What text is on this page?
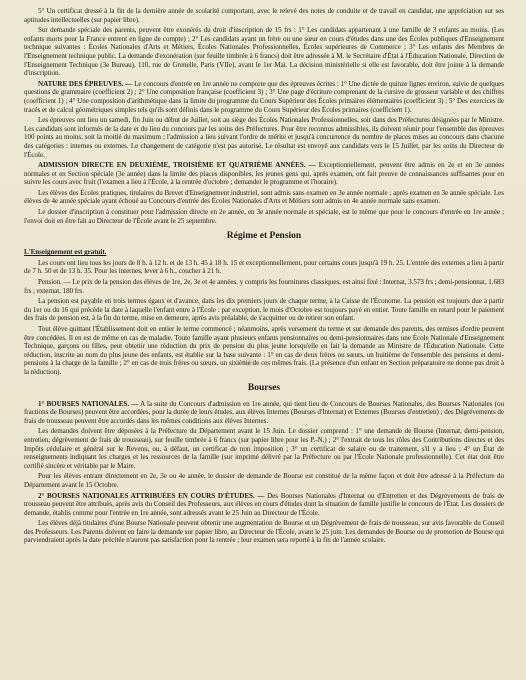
5° Un certificat dressé à la fin de la dernière année de scolarité comportant, avec le relevé des notes de conduite et de travail en candidat, une appréciation sur ses aptitudes intellectuelles (sur papier libre).

Sur demande spéciale des parents, peuvent être exonérés du droit d'inscription de 15 frs : 1° Les candidats appartenant à une famille de 3 enfants au moins. (Les enfants morts pour la France entrent en ligne de compte) ; 2° Les candidats ayant un frère ou une sœur en cours d'études dans une des Écoles publiques d'Enseignement technique suivantes : Écoles Nationales d'Arts et Métiers, Écoles Nationales Professionnelles, Écoles supérieures de Commerce ; 3° Les enfants des Membres de l'Enseignement technique public. La demande d'exonération (sur feuille timbrée à 6 francs) doit être adressée à M. le Secrétaire d'État à l'Éducation Nationale, Direction de l'Enseignement Technique (3e Bureau), 110, rue de Grenelle, Paris (VIIe), avant le 1er Mai. La décision ministérielle si elle est favorable, doit être jointe à la demande d'inscription.

NATURE DES ÉPREUVES. — Le concours d'entrée en 1re année ne comporte que des épreuves écrites : 1° Une dictée de quinze lignes environ, suivie de quelques questions de grammaire (coefficient 2) ; 2° Une composition française (coefficient 3) ; 3° Une page d'écriture comprenant de la cursive de grosseur variable et des chiffres (coefficient 1) ; 4° Une composition d'arithmétique dans la limite du programme du Cours Supérieur des Écoles primaires élémentaires (coefficient 3) ; 5° Des exercices de tracés et de calcul géométriques simples tels qu'ils sont définis dans le programme du Cours Supérieur des Écoles primaires (coefficient 1).

Les épreuves ont lieu un samedi, fin Juin ou début de Juillet, soit au siège des Écoles Nationales Professionnelles, soit dans des Préfectures désignées par le Ministre. Les candidats sont informés de la date et du lieu du concours par les soins des Préfectures. Pour être reconnus admissibles, ils doivent réunir pour l'ensemble des épreuves 100 points au moins, soit la moitié du maximum ; l'admission a lieu suivant l'ordre de mérite et jusqu'à concurrence du nombre de places mises au concours dans chacune des catégories : internes ou externes. Le changement de catégorie n'est pas autorisé. Le résultat est envoyé aux candidats vers le 15 Juillet, par les soins du Directeur de l'École.

ADMISSION DIRECTE EN DEUXIÈME, TROISIÈME ET QUATRIÈME ANNÉES. — Exceptionnellement, peuvent être admis en 2e et en 3e années normales et en Section spéciale (3e année) dans la limite des places disponibles, les jeunes gens qui, après examen, ont fait preuve de connaissances suffisantes pour en suivre les cours avec fruit (l'examen a lieu à l'École, à la rentrée d'octobre ; demander le programme et l'horaire).

Les élèves des Écoles pratiques, titulaires du Brevet d'Enseignement industriel, sont admis sans examen en 3e année normale ; après examen en 3e année spéciale. Les élèves de 4e année spéciale ayant échoué au Concours d'entrée des Écoles Nationales d'Arts et Métiers sont admis en 4e année normale sans examen.

Le dossier d'inscription à constituer pour l'admission directe en 2e année, en 3e année normale et spéciale, est le même que pour le concours d'entrée en 1re année ; l'envoi doit en être fait au Directeur de l'École avant le 25 septembre.

Régime et Pension

L'Enseignement est gratuit.

Les cours ont lieu tous les jours de 8 h. à 12 h. et de 13 h. 45 à 18 h. 15 et exceptionnellement, pour certains cours jusqu'à 19 h. 25. L'entrée des externes a lieu à partir de 7 h. 50 et de 13 h. 35. Pour les internes, lever à 6 h., coucher à 21 h.

Pension. — Le prix de la pension des élèves de 1re, 2e, 3e et 4e années, y compris les fournitures classiques, est ainsi fixé : Internat, 3.573 frs ; demi-pensionnat, 1.683 frs ; externat, 180 frs.

La pension est payable en trois termes égaux et d'avance, dans les dix premiers jours de chaque terme, à la Caisse de l'Économe. La pension est toujours due à partir du 1er ou du 16 qui précède la date à laquelle l'enfant entre à l'École : par exception, le mois d'Octobre est toujours payé en entier. Toute famille en retard pour le paiement des frais de pension est, à la fin du terme, mise en demeure, après avis préalable, de s'acquitter ou de retirer son enfant.

Tout élève quittant l'Établissement doit en entier le terme commencé ; néanmoins, après versement du terme et sur demande des parents, des remises d'ordre peuvent être concédées. Il en est de même en cas de maladie. Toute famille ayant plusieurs enfants pensionnaires ou demi-pensionnaires dans une École Nationale d'Enseignement Technique, garçons ou filles, peut obtenir une réduction du prix de pension du plus jeune lorsqu'elle en fait la demande au Ministre de l'Éducation Nationale. Cette réduction, inscrite au nom du plus jeune des enfants, est établie sur la base suivante : 1° en cas de deux frères ou sœurs, un huitième de l'ensemble des pensions et demi-pensions à la charge de la famille ; 2° en cas de trois frères ou sœurs, un sixième de ces mêmes frais. (La présence d'un enfant en Section préparatoire ne donne pas droit à la réduction).

Bourses

1° BOURSES NATIONALES. — A la suite du Concours d'admission en 1re année, qui tient lieu de Concours de Bourses Nationales, des Bourses Nationales (ou fractions de Bourses) peuvent être accordées, pour la durée de leurs études, aux élèves Internes (Bourses d'Internat) et Externes (Bourses d'entretien) ; des Dégrèvements de frais de trousseau peuvent être accordés dans les mêmes conditions aux élèves Internes.

Les demandes doivent être déposées à la Préfecture du Département avant le 15 Juin. Le dossier comprend : 1° une demande de Bourse (Internat, demi-pension, entretien, dégrèvement de frais de trousseau), sur feuille timbrée à 6 francs (sur papier libre pour les P.-N.) ; 2° l'extrait de tous les rôles des Contributions directes et des Impôts cédulaire et général sur le Revenu, ou, à défaut, un certificat de non imposition ; 3° un certificat de salaire ou de traitement, s'il y a lieu ; 4° un État de renseignements indiquant les charges et les ressources de la famille (sur imprimé délivré par la Préfecture ou par l'École Nationale professionnelle). Cet état doit être certifié sincère et véritable par le Maire.

Pour les élèves entrant directement en 2e, 3e ou 4e année, le dossier de demande de Bourse est constitué de la même façon et doit être adressé à la Préfecture du Département avant le 15 Octobre.

2° BOURSES NATIONALES ATTRIBUÉES EN COURS D'ÉTUDES. — Des Bourses Nationales d'Internat ou d'Entretien et des Dégrèvements de frais de trousseau peuvent être attribués, après avis du Conseil des Professeurs, aux élèves en cours d'études dont la situation de famille justifie le concours de l'État. Les dossiers de demande, établis comme pour l'entrée en 1re année, sont adressés avant le 25 Juin au Directeur de l'École.

Les élèves déjà titulaires d'une Bourse Nationale peuvent obtenir une augmentation de Bourse et un Dégrèvement de frais de trousseau, sur avis favorable du Conseil des Professeurs. Les Parents doivent en faire la demande sur papier libre, au Directeur de l'École, avant le 25 juin. Les demandes de Bourse ou de promotion de Bourse qui parviendraient après la date précitée n'auront pas satisfaction pour la rentrée ; leur examen sera reporté à la fin de l'année scolaire.
